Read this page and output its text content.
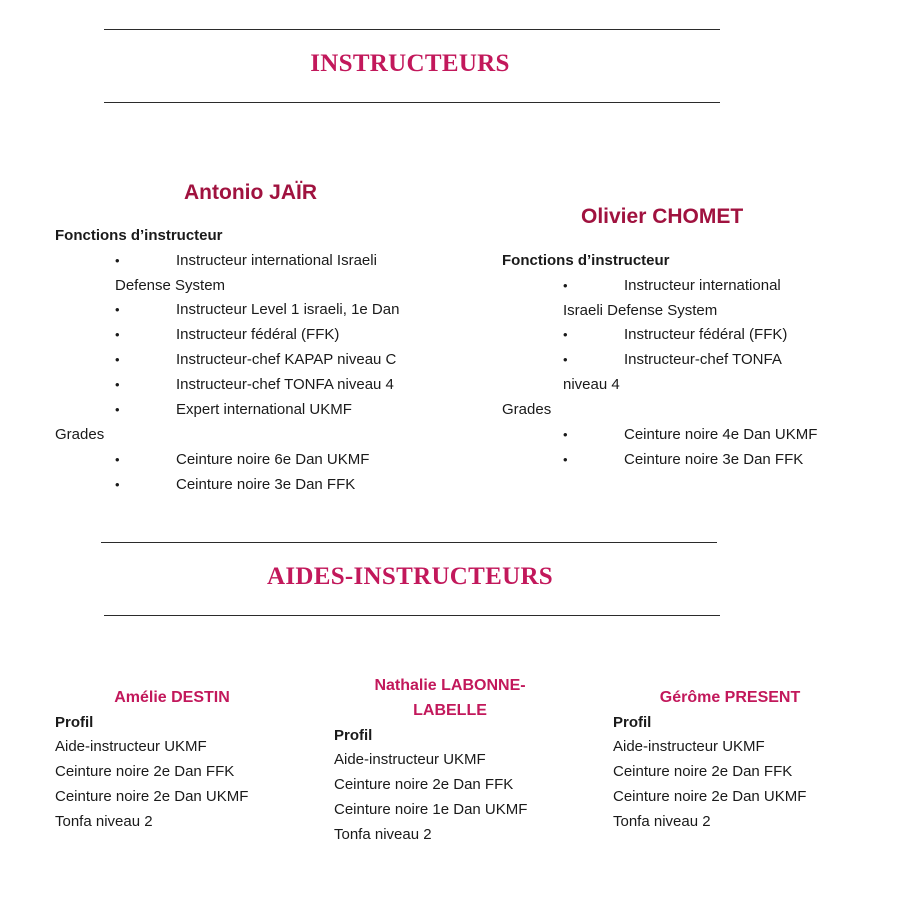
INSTRUCTEURS
Antonio JAÏR
Fonctions d’instructeur
•	Instructeur international Israeli
Defense System
•	Instructeur Level 1 israeli, 1e Dan
•	Instructeur fédéral (FFK)
•	Instructeur-chef KAPAP niveau C
•	Instructeur-chef TONFA niveau 4
•	Expert international UKMF
Grades
•	Ceinture noire 6e Dan UKMF
•	Ceinture noire 3e Dan FFK
Olivier CHOMET
Fonctions d’instructeur
•	Instructeur international
Israeli Defense System
•	Instructeur fédéral (FFK)
•	Instructeur-chef TONFA
niveau 4
Grades
•	Ceinture noire 4e Dan UKMF
•	Ceinture noire 3e Dan FFK
AIDES-INSTRUCTEURS
Amélie DESTIN
Profil
Aide-instructeur UKMF
Ceinture noire 2e Dan FFK
Ceinture noire 2e Dan UKMF
Tonfa niveau 2
Nathalie LABONNE-
LABELLE
Profil
Aide-instructeur UKMF
Ceinture noire 2e Dan FFK
Ceinture noire 1e Dan UKMF
Tonfa niveau 2
Gérôme PRESENT
Profil
Aide-instructeur UKMF
Ceinture noire 2e Dan FFK
Ceinture noire 2e Dan UKMF
Tonfa niveau 2
